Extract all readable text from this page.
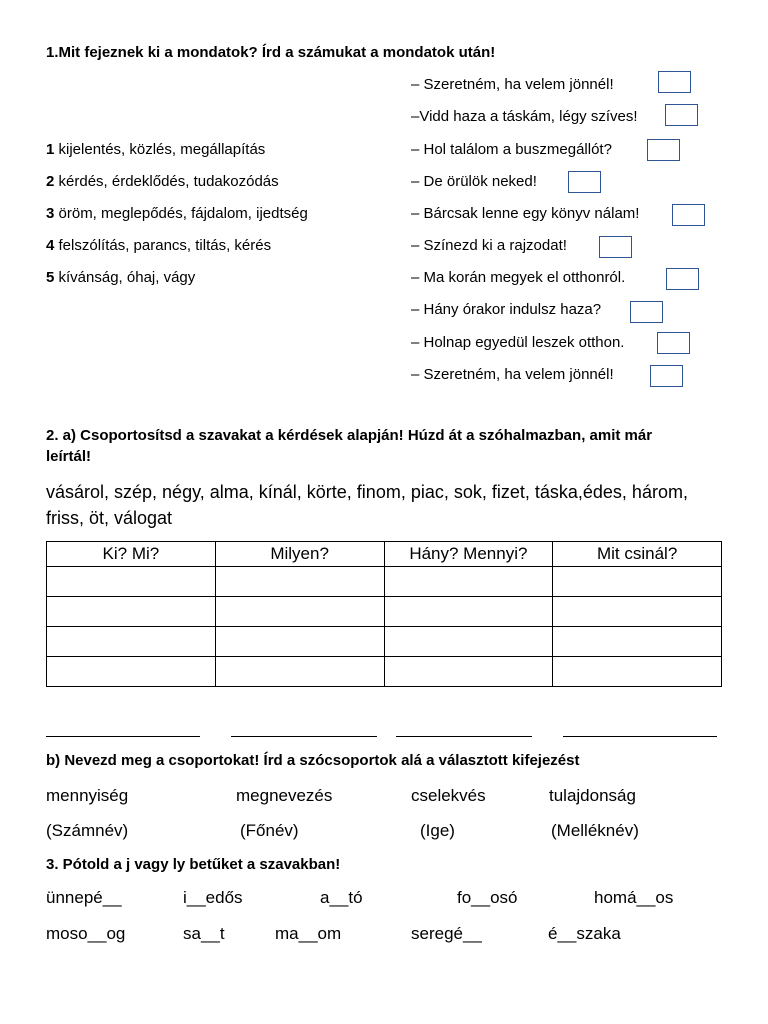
1.Mit fejeznek ki a mondatok? Írd a számukat a mondatok után!
1 kijelentés, közlés, megállapítás
2 kérdés, érdeklődés, tudakozódás
3 öröm, meglepődés, fájdalom, ijedtség
4 felszólítás, parancs, tiltás, kérés
5 kívánság, óhaj, vágy
– Szeretném, ha velem jönnél!
–Vidd haza a táskám, légy szíves!
– Hol találom a buszmegállót?
– De örülök neked!
– Bárcsak lenne egy könyv nálam!
– Színezd ki a rajzodat!
– Ma korán megyek el otthonról.
– Hány órakor indulsz haza?
– Holnap egyedül leszek otthon.
– Szeretném, ha velem jönnél!
2. a) Csoportosítsd a szavakat a kérdések alapján! Húzd át a szóhalmazban, amit már
leírtál!
vásárol, szép, négy, alma, kínál, körte, finom, piac, sok, fizet, táska,édes, három,
friss, öt, válogat
Ki? Mi?	Milyen?	Hány? Mennyi?	Mit csinál?

b) Nevezd meg a csoportokat! Írd a szócsoportok alá a választott kifejezést
mennyiség	megnevezés	cselekvés	tulajdonság
(Számnév)	(Főnév)	(Ige)	(Melléknév)
3. Pótold a j vagy ly betűket a szavakban!
ünnepé__	i__edős	a__tó	fo__osó	homá__os
moso__og	sa__t	ma__om	seregé__	é__szaka
